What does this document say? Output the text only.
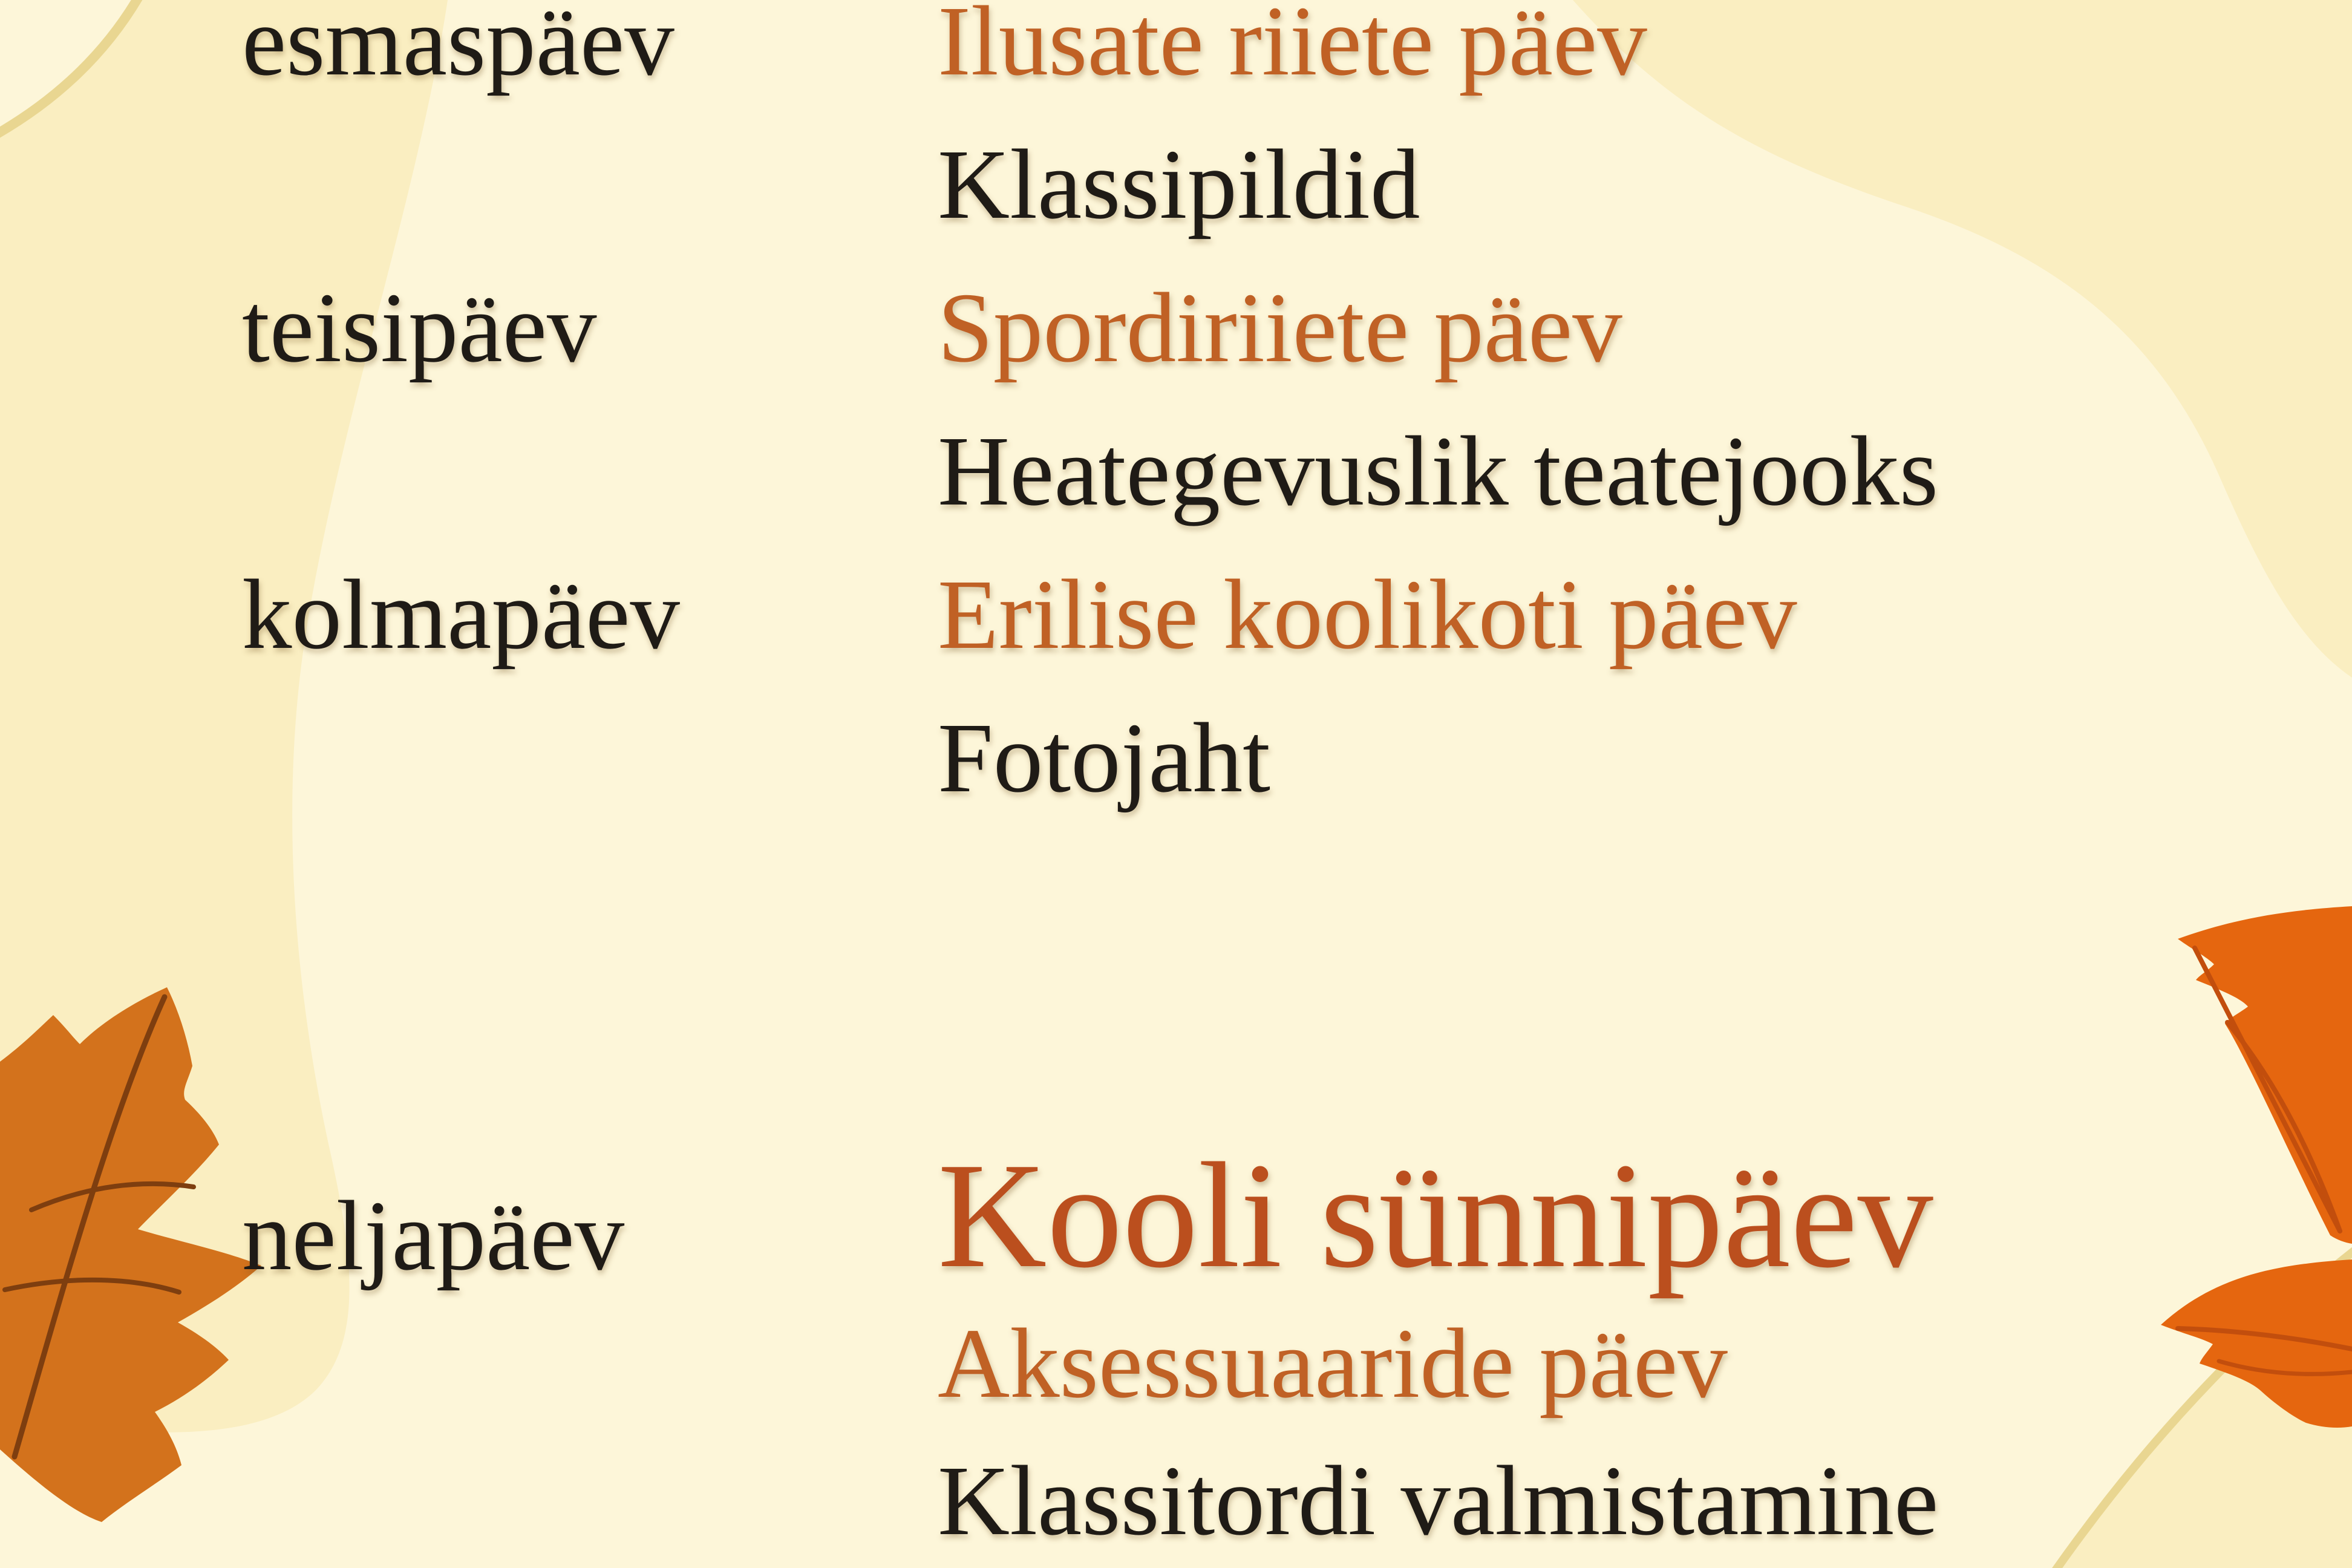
esmaspäev	Ilusate riiete päev
Klassipildid
teisipäev	Spordiriiete päev
Heategevuslik teatejooks
kolmapäev	Erilise koolikoti päev
Fotojaht
neljapäev Kooli sünnipäev
Aksessuaaride päev
Klassitordi valmistamine
